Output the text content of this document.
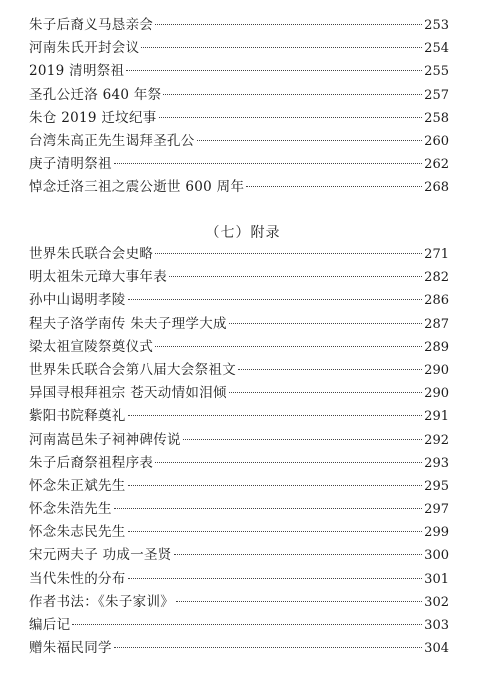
朱子后裔义马恳亲会	253
河南朱氏开封会议	254
2019 清明祭祖	255
圣孔公迁洛 640 年祭	257
朱仓 2019 迁坟纪事	258
台湾朱高正先生谒拜圣孔公	260
庚子清明祭祖	262
悼念迁洛三祖之震公逝世 600 周年	268
（七）附录
世界朱氏联合会史略	271
明太祖朱元璋大事年表	282
孙中山谒明孝陵	286
程夫子洛学南传 朱夫子理学大成	287
梁太祖宣陵祭奠仪式	289
世界朱氏联合会第八届大会祭祖文	290
异国寻根拜祖宗 苍天动情如泪倾	290
紫阳书院释奠礼	291
河南嵩邑朱子祠神碑传说	292
朱子后裔祭祖程序表	293
怀念朱正斌先生	295
怀念朱浩先生	297
怀念朱志民先生	299
宋元两夫子 功成一圣贤	300
当代朱性的分布	301
作者书法：《朱子家训》	302
编后记	303
赠朱福民同学	304
